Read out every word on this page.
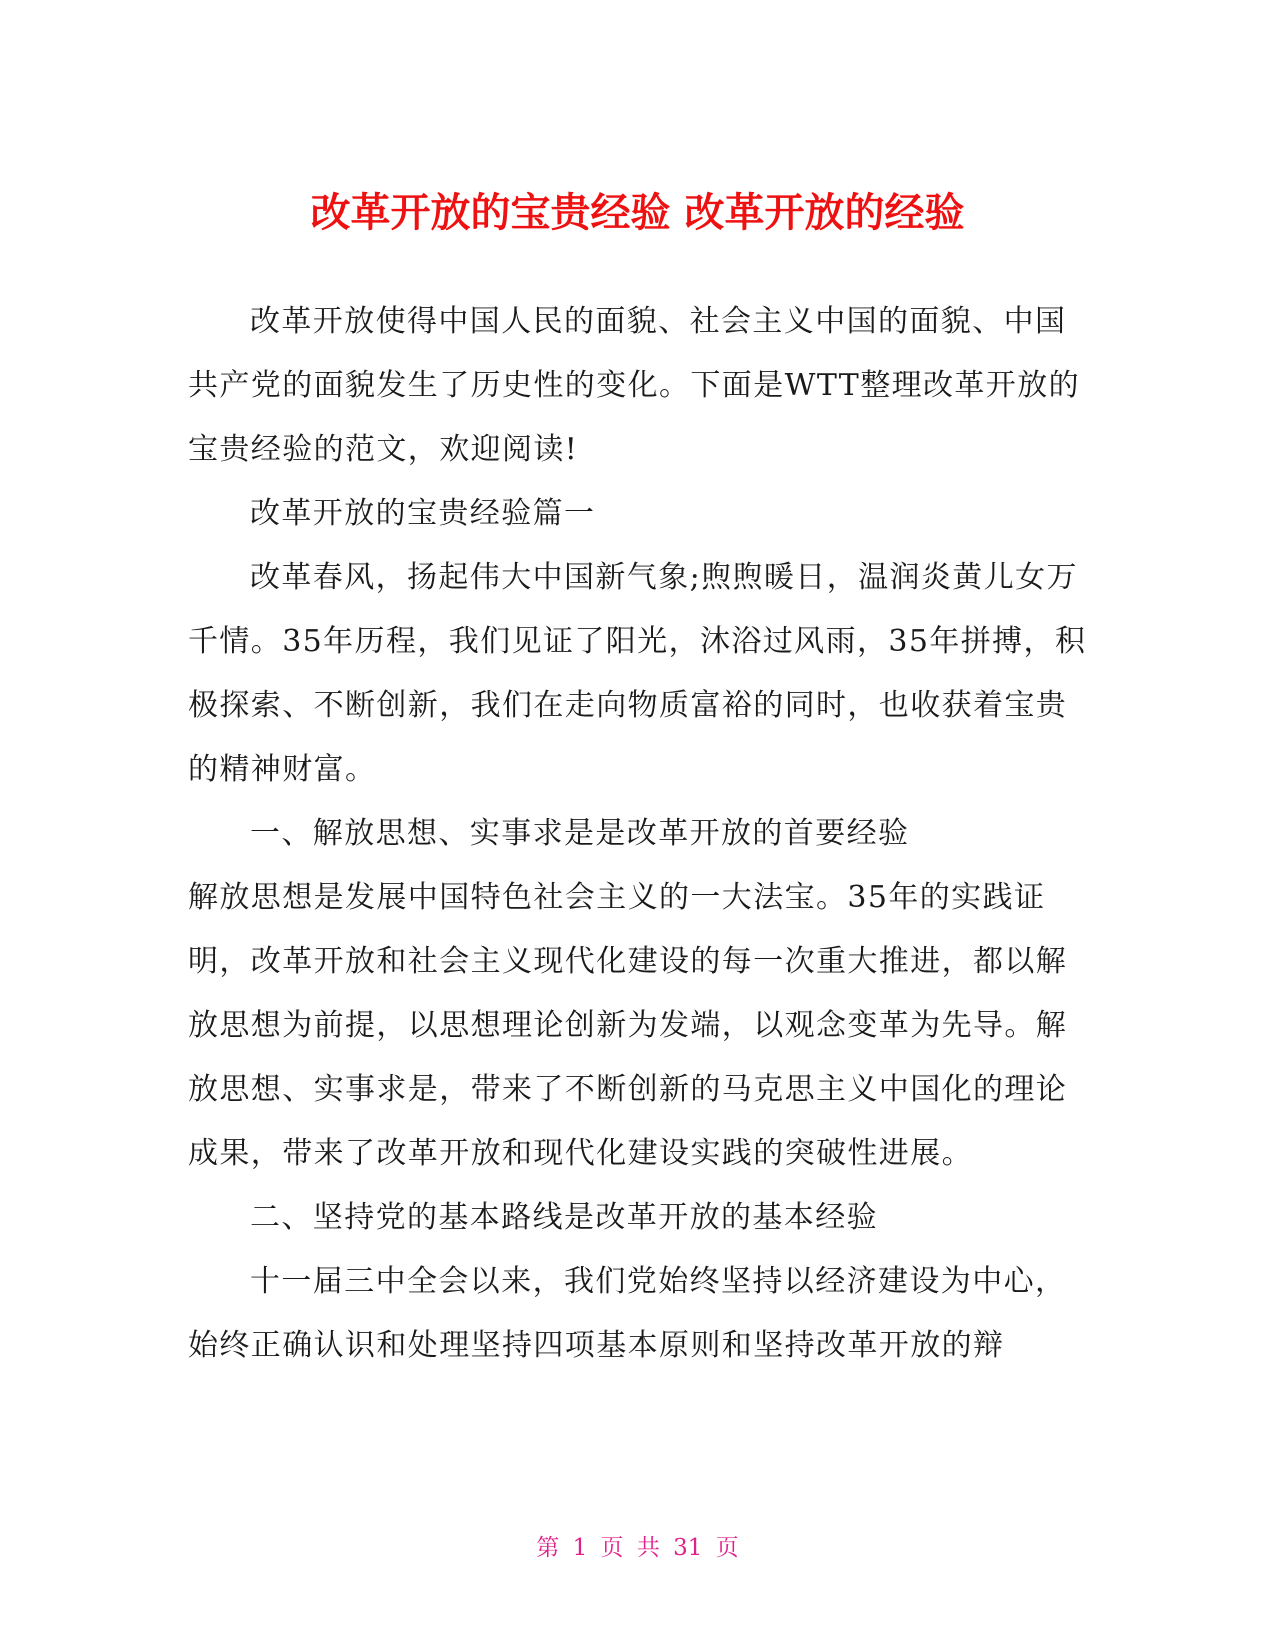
改革开放的宝贵经验 改革开放的经验

改革开放使得中国人民的面貌、社会主义中国的面貌、中国共产党的面貌发生了历史性的变化。下面是WTT整理改革开放的宝贵经验的范文，欢迎阅读!

改革开放的宝贵经验篇一

改革春风，扬起伟大中国新气象;煦煦暖日，温润炎黄儿女万千情。35年历程，我们见证了阳光，沐浴过风雨，35年拼搏，积极探索、不断创新，我们在走向物质富裕的同时，也收获着宝贵的精神财富。

一、解放思想、实事求是是改革开放的首要经验

解放思想是发展中国特色社会主义的一大法宝。35年的实践证明，改革开放和社会主义现代化建设的每一次重大推进，都以解放思想为前提，以思想理论创新为发端，以观念变革为先导。解放思想、实事求是，带来了不断创新的马克思主义中国化的理论成果，带来了改革开放和现代化建设实践的突破性进展。

二、坚持党的基本路线是改革开放的基本经验

十一届三中全会以来，我们党始终坚持以经济建设为中心，始终正确认识和处理坚持四项基本原则和坚持改革开放的辩

第 1 页 共 31 页
